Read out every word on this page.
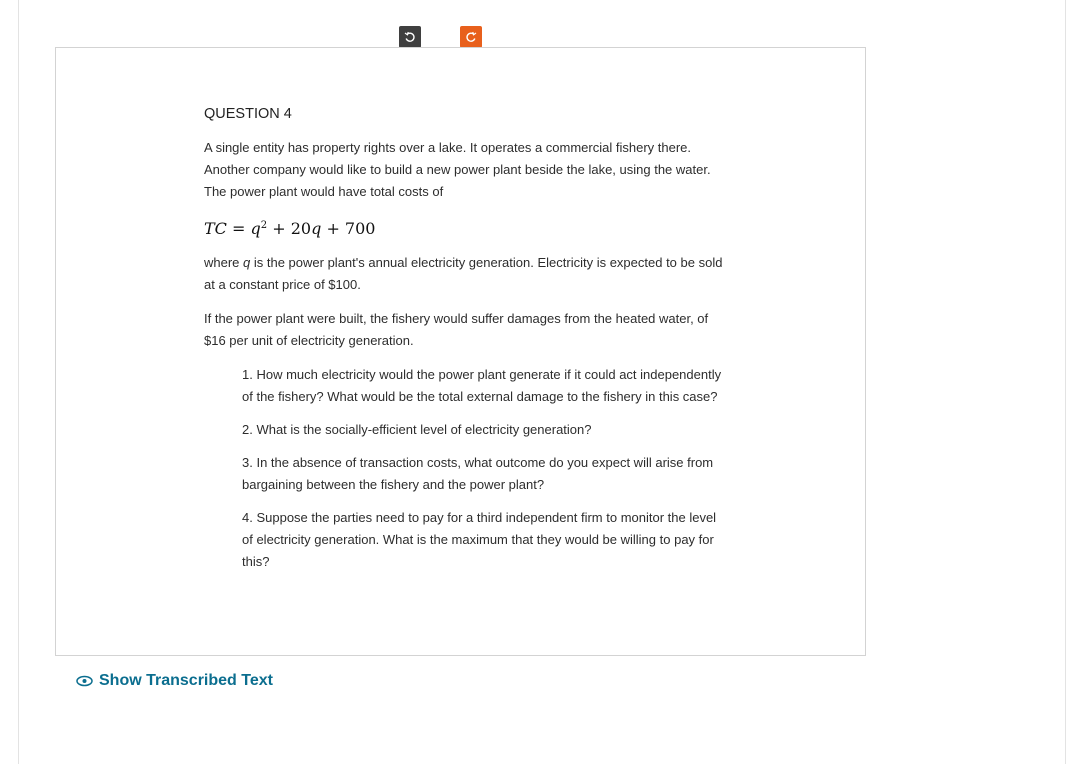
QUESTION 4
A single entity has property rights over a lake. It operates a commercial fishery there. Another company would like to build a new power plant beside the lake, using the water. The power plant would have total costs of
TC = $q^2 + 20q + 700$
where q is the power plant's annual electricity generation. Electricity is expected to be sold at a constant price of $100.
If the power plant were built, the fishery would suffer damages from the heated water, of $16 per unit of electricity generation.
1. How much electricity would the power plant generate if it could act independently of the fishery? What would be the total external damage to the fishery in this case?
2. What is the socially-efficient level of electricity generation?
3. In the absence of transaction costs, what outcome do you expect will arise from bargaining between the fishery and the power plant?
4. Suppose the parties need to pay for a third independent firm to monitor the level of electricity generation. What is the maximum that they would be willing to pay for this?
Show Transcribed Text
